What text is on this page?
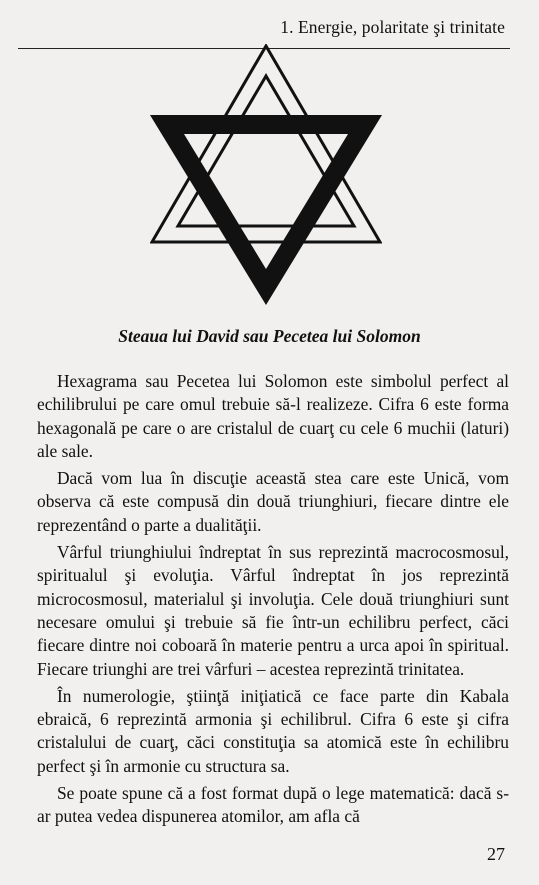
1. Energie, polaritate şi trinitate
Steaua lui David sau Pecetea lui Solomon

Hexagrama sau Pecetea lui Solomon este simbolul perfect al echilibrului pe care omul trebuie să-l realizeze. Cifra 6 este forma hexagonală pe care o are cristalul de cuarţ cu cele 6 muchii (laturi) ale sale.

Dacă vom lua în discuţie această stea care este Unică, vom observa că este compusă din două triunghiuri, fiecare dintre ele reprezentând o parte a dualităţii.

Vârful triunghiului îndreptat în sus reprezintă macrocosmosul, spiritualul şi evoluţia. Vârful îndreptat în jos reprezintă microcosmosul, materialul şi involuţia. Cele două triunghiuri sunt necesare omului şi trebuie să fie într-un echilibru perfect, căci fiecare dintre noi coboară în materie pentru a urca apoi în spiritual. Fiecare triunghi are trei vârfuri – acestea reprezintă trinitatea.

În numerologie, ştiinţă iniţiatică ce face parte din Kabala ebraică, 6 reprezintă armonia şi echilibrul. Cifra 6 este şi cifra cristalului de cuarţ, căci constituţia sa atomică este în echilibru perfect şi în armonie cu structura sa.

Se poate spune că a fost format după o lege matematică: dacă s-ar putea vedea dispunerea atomilor, am afla că

27
